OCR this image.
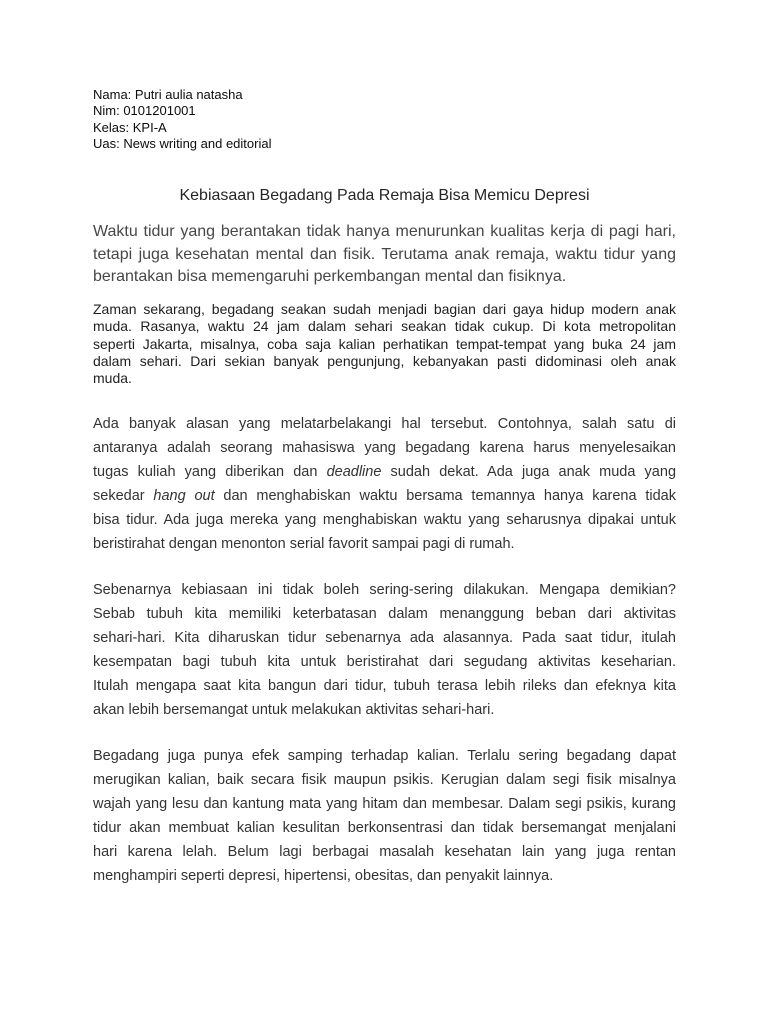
Nama: Putri aulia natasha
Nim: 0101201001
Kelas: KPI-A
Uas: News writing and editorial
Kebiasaan Begadang Pada Remaja Bisa Memicu Depresi
Waktu tidur yang berantakan tidak hanya menurunkan kualitas kerja di pagi hari,
tetapi juga kesehatan mental dan fisik. Terutama anak remaja, waktu tidur yang
berantakan bisa memengaruhi perkembangan mental dan fisiknya.
Zaman sekarang, begadang seakan sudah menjadi bagian dari gaya hidup modern anak
muda. Rasanya, waktu 24 jam dalam sehari seakan tidak cukup. Di kota metropolitan
seperti Jakarta, misalnya, coba saja kalian perhatikan tempat-tempat yang buka 24 jam
dalam sehari. Dari sekian banyak pengunjung, kebanyakan pasti didominasi oleh anak
muda.
Ada banyak alasan yang melatarbelakangi hal tersebut. Contohnya, salah satu di
antaranya adalah seorang mahasiswa yang begadang karena harus menyelesaikan
tugas kuliah yang diberikan dan deadline sudah dekat. Ada juga anak muda yang
sekedar hang out dan menghabiskan waktu bersama temannya hanya karena tidak
bisa tidur. Ada juga mereka yang menghabiskan waktu yang seharusnya dipakai untuk
beristirahat dengan menonton serial favorit sampai pagi di rumah.
Sebenarnya kebiasaan ini tidak boleh sering-sering dilakukan. Mengapa demikian?
Sebab tubuh kita memiliki keterbatasan dalam menanggung beban dari aktivitas
sehari-hari. Kita diharuskan tidur sebenarnya ada alasannya. Pada saat tidur, itulah
kesempatan bagi tubuh kita untuk beristirahat dari segudang aktivitas keseharian.
Itulah mengapa saat kita bangun dari tidur, tubuh terasa lebih rileks dan efeknya kita
akan lebih bersemangat untuk melakukan aktivitas sehari-hari.
Begadang juga punya efek samping terhadap kalian. Terlalu sering begadang dapat
merugikan kalian, baik secara fisik maupun psikis. Kerugian dalam segi fisik misalnya
wajah yang lesu dan kantung mata yang hitam dan membesar. Dalam segi psikis, kurang
tidur akan membuat kalian kesulitan berkonsentrasi dan tidak bersemangat menjalani
hari karena lelah. Belum lagi berbagai masalah kesehatan lain yang juga rentan
menghampiri seperti depresi, hipertensi, obesitas, dan penyakit lainnya.
